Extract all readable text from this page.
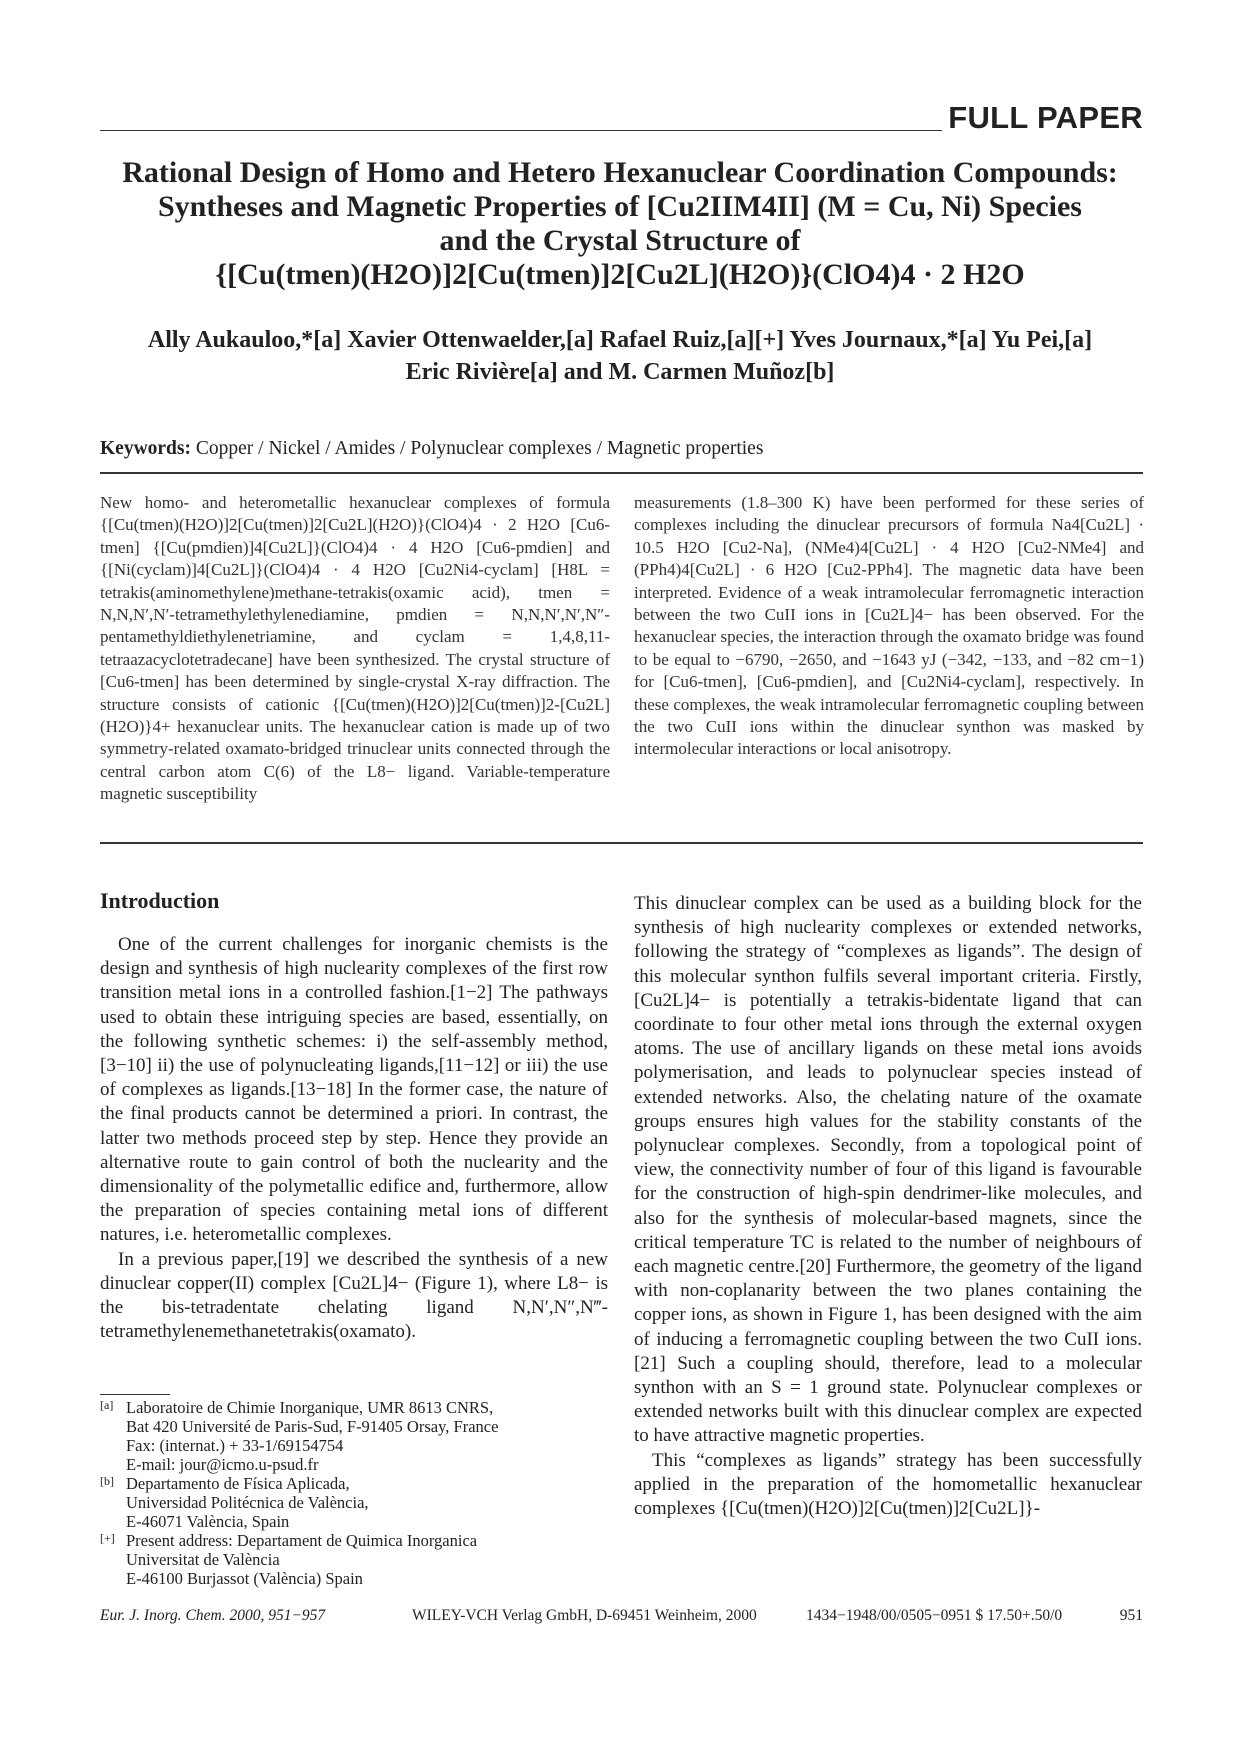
FULL PAPER
Rational Design of Homo and Hetero Hexanuclear Coordination Compounds:
Syntheses and Magnetic Properties of [Cu2IIM4II] (M = Cu, Ni) Species
and the Crystal Structure of
{[Cu(tmen)(H2O)]2[Cu(tmen)]2[Cu2L](H2O)}(ClO4)4 · 2 H2O
Ally Aukauloo,*[a] Xavier Ottenwaelder,[a] Rafael Ruiz,[a][+] Yves Journaux,*[a] Yu Pei,[a]
Eric Rivière[a] and M. Carmen Muñoz[b]
Keywords: Copper / Nickel / Amides / Polynuclear complexes / Magnetic properties
New homo- and heterometallic hexanuclear complexes of formula {[Cu(tmen)(H2O)]2[Cu(tmen)]2[Cu2L](H2O)}(ClO4)4 · 2 H2O [Cu6-tmen] {[Cu(pmdien)]4[Cu2L]}(ClO4)4 · 4 H2O [Cu6-pmdien] and {[Ni(cyclam)]4[Cu2L]}(ClO4)4 · 4 H2O [Cu2Ni4-cyclam] [H8L = tetrakis(aminomethylene)methane-tetrakis(oxamic acid), tmen = N,N,N′,N′-tetramethylethylenediamine, pmdien = N,N,N′,N′,N″-pentamethyldiethylenetriamine, and cyclam = 1,4,8,11-tetraazacyclotetradecane] have been synthesized. The crystal structure of [Cu6-tmen] has been determined by single-crystal X-ray diffraction. The structure consists of cationic {[Cu(tmen)(H2O)]2[Cu(tmen)]2-[Cu2L](H2O)}4+ hexanuclear units. The hexanuclear cation is made up of two symmetry-related oxamato-bridged trinuclear units connected through the central carbon atom C(6) of the L8− ligand. Variable-temperature magnetic susceptibility
measurements (1.8–300 K) have been performed for these series of complexes including the dinuclear precursors of formula Na4[Cu2L] · 10.5 H2O [Cu2-Na], (NMe4)4[Cu2L] · 4 H2O [Cu2-NMe4] and (PPh4)4[Cu2L] · 6 H2O [Cu2-PPh4]. The magnetic data have been interpreted. Evidence of a weak intramolecular ferromagnetic interaction between the two CuII ions in [Cu2L]4− has been observed. For the hexanuclear species, the interaction through the oxamato bridge was found to be equal to −6790, −2650, and −1643 yJ (−342, −133, and −82 cm−1) for [Cu6-tmen], [Cu6-pmdien], and [Cu2Ni4-cyclam], respectively. In these complexes, the weak intramolecular ferromagnetic coupling between the two CuII ions within the dinuclear synthon was masked by intermolecular interactions or local anisotropy.
Introduction

One of the current challenges for inorganic chemists is the design and synthesis of high nuclearity complexes of the first row transition metal ions in a controlled fashion.[1−2] The pathways used to obtain these intriguing species are based, essentially, on the following synthetic schemes: i) the self-assembly method,[3−10] ii) the use of polynucleating ligands,[11−12] or iii) the use of complexes as ligands.[13−18] In the former case, the nature of the final products cannot be determined a priori. In contrast, the latter two methods proceed step by step. Hence they provide an alternative route to gain control of both the nuclearity and the dimensionality of the polymetallic edifice and, furthermore, allow the preparation of species containing metal ions of different natures, i.e. heterometallic complexes.

In a previous paper,[19] we described the synthesis of a new dinuclear copper(II) complex [Cu2L]4− (Figure 1), where L8− is the bis-tetradentate chelating ligand N,N′,N″,N‴-tetramethylenemethanetetrakis(oxamato).

This dinuclear complex can be used as a building block for the synthesis of high nuclearity complexes or extended networks, following the strategy of “complexes as ligands”. The design of this molecular synthon fulfils several important criteria. Firstly, [Cu2L]4− is potentially a tetrakis-bidentate ligand that can coordinate to four other metal ions through the external oxygen atoms. The use of ancillary ligands on these metal ions avoids polymerisation, and leads to polynuclear species instead of extended networks. Also, the chelating nature of the oxamate groups ensures high values for the stability constants of the polynuclear complexes. Secondly, from a topological point of view, the connectivity number of four of this ligand is favourable for the construction of high-spin dendrimer-like molecules, and also for the synthesis of molecular-based magnets, since the critical temperature TC is related to the number of neighbours of each magnetic centre.[20] Furthermore, the geometry of the ligand with non-coplanarity between the two planes containing the copper ions, as shown in Figure 1, has been designed with the aim of inducing a ferromagnetic coupling between the two CuII ions.[21] Such a coupling should, therefore, lead to a molecular synthon with an S = 1 ground state. Polynuclear complexes or extended networks built with this dinuclear complex are expected to have attractive magnetic properties.

This “complexes as ligands” strategy has been successfully applied in the preparation of the homometallic hexanuclear complexes {[Cu(tmen)(H2O)]2[Cu(tmen)]2[Cu2L]}-

[a] Laboratoire de Chimie Inorganique, UMR 8613 CNRS,
Bat 420 Université de Paris-Sud, F-91405 Orsay, France
Fax: (internat.) + 33-1/69154754
E-mail: jour@icmo.u-psud.fr
[b] Departamento de Física Aplicada,
Universidad Politécnica de València,
E-46071 València, Spain
[+] Present address: Departament de Quimica Inorganica
Universitat de València
E-46100 Burjassot (València) Spain
Eur. J. Inorg. Chem. 2000, 951−957	WILEY-VCH Verlag GmbH, D-69451 Weinheim, 2000	1434−1948/00/0505−0951 $ 17.50+.50/0	951
